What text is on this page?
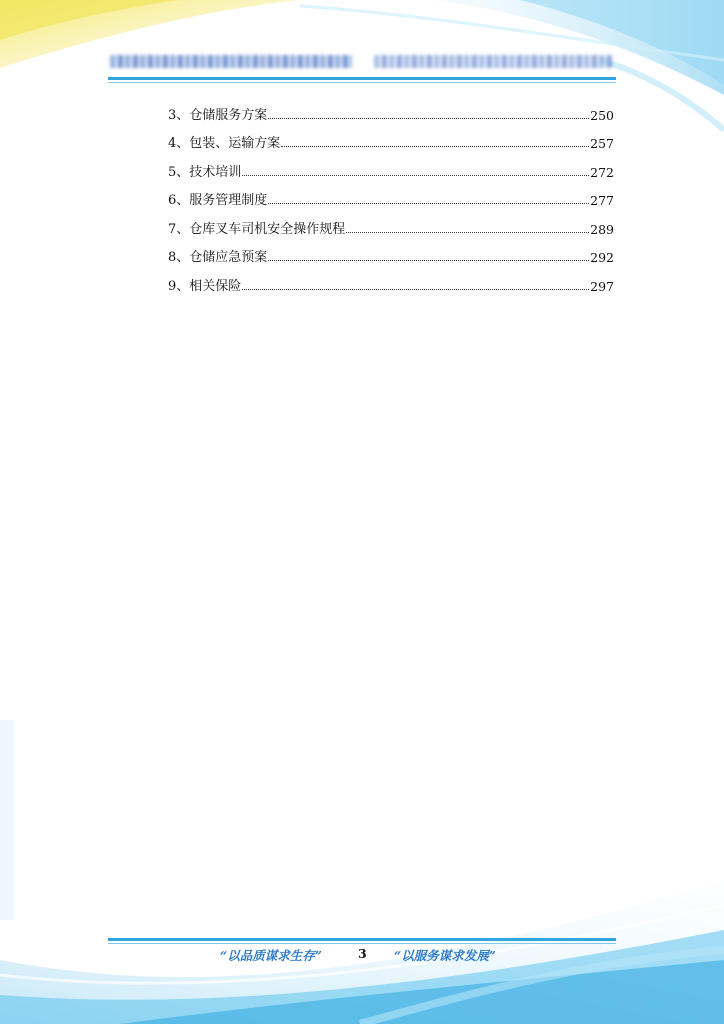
3、仓储服务方案	250
4、包装、运输方案	257
5、技术培训	272
6、服务管理制度	277
7、仓库叉车司机安全操作规程	289
8、仓储应急预案	292
9、相关保险	297
“以品质谋求生存”	3 “以服务谋求发展”
